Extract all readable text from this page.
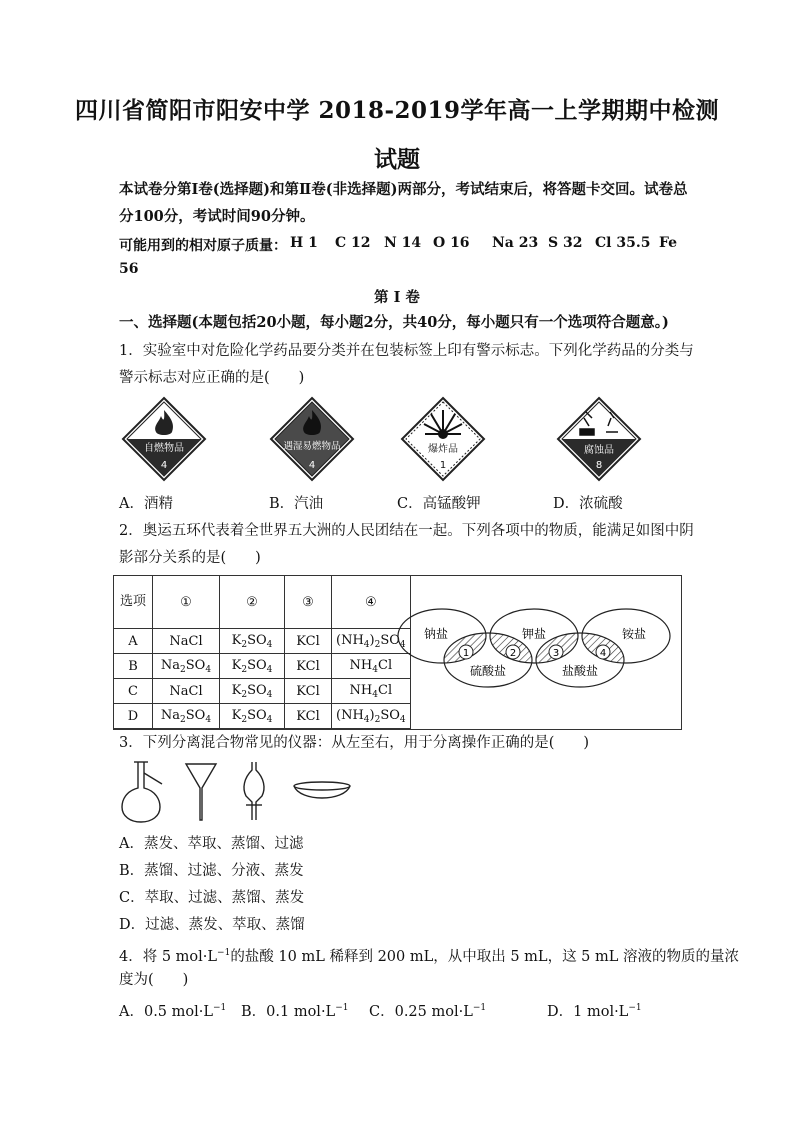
四川省简阳市阳安中学 2018-2019学年高一上学期期中检测
试题
本试卷分第Ⅰ卷(选择题)和第Ⅱ卷(非选择题)两部分，考试结束后，将答题卡交回。试卷总
分100分，考试时间90分钟。
可能用到的相对原子质量： H 1 C 12 N 14 O 16 Na 23 S 32 Cl 35.5 Fe
56
第 Ⅰ 卷
一、选择题(本题包括20小题，每小题2分，共40分，每小题只有一个选项符合题意。)
1．实验室中对危险化学药品要分类并在包装标签上印有警示标志。下列化学药品的分类与
警示标志对应正确的是(　　)
自燃物品
4
遇湿易燃物品
4
爆炸品
1
腐蚀品
8
A．酒精	B．汽油	C．高锰酸钾	D．浓硫酸
2．奥运五环代表着全世界五大洲的人民团结在一起。下列各项中的物质，能满足如图中阴
影部分关系的是(　　)
选项	①	②	③	④
A	NaCl	$K_2SO_4$	KCl	$(NH_4)_2SO_4$
B	$Na_2SO_4$	$K_2SO_4$	KCl	$NH_4Cl$
C	NaCl	$K_2SO_4$	KCl	$NH_4Cl$
D	$Na_2SO_4$	$K_2SO_4$	KCl	$(NH_4)_2SO_4$
钠盐	钾盐	铵盐
硫酸盐	盐酸盐
1	2	3	4
3．下列分离混合物常见的仪器：从左至右，用于分离操作正确的是(　　)
A．蒸发、萃取、蒸馏、过滤
B．蒸馏、过滤、分液、蒸发
C．萃取、过滤、蒸馏、蒸发
D．过滤、蒸发、萃取、蒸馏
4．将 5 $mol\cdot L^{-1}$的盐酸 10 mL 稀释到 200 mL，从中取出 5 mL，这 5 mL 溶液的物质的量浓
度为(　　)
A．0.5 $mol\cdot L^{-1}$ B．0.1 $mol\cdot L^{-1}$ C．0.25 $mol\cdot L^{-1}$	D．1 $mol\cdot L^{-1}$
